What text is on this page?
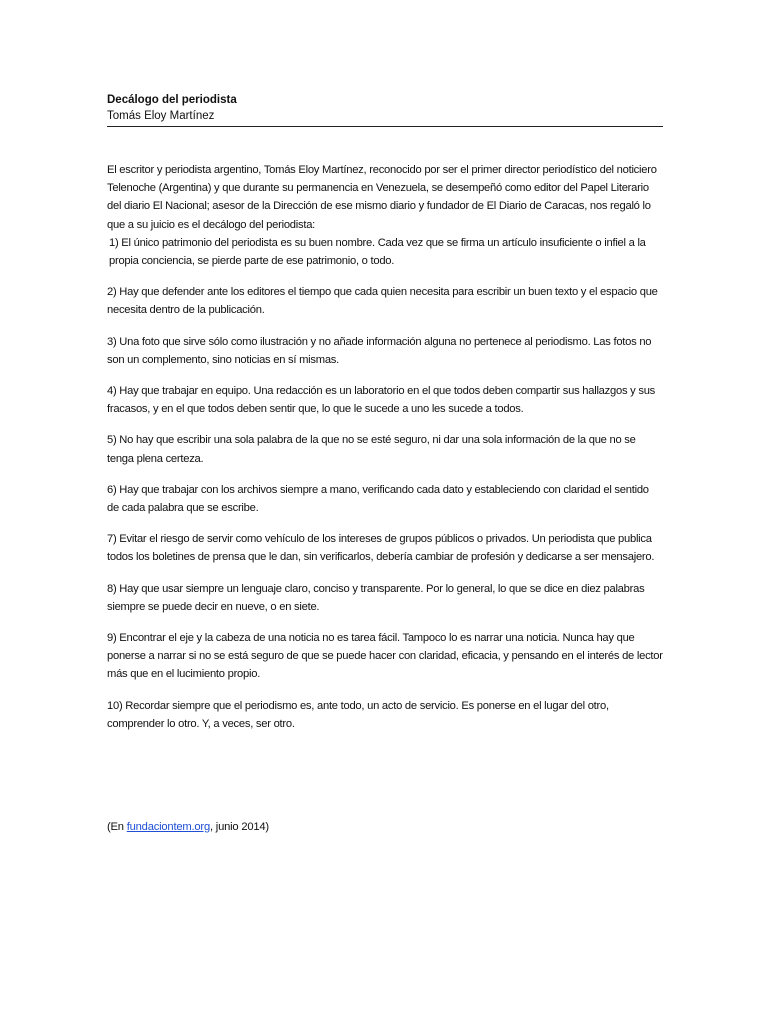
Decálogo del periodista

Tomás Eloy Martínez

El escritor y periodista argentino, Tomás Eloy Martínez, reconocido por ser el primer director periodístico del noticiero Telenoche (Argentina) y que durante su permanencia en Venezuela, se desempeñó como editor del Papel Literario del diario El Nacional; asesor de la Dirección de ese mismo diario y fundador de El Diario de Caracas, nos regaló lo que a su juicio es el decálogo del periodista:

1) El único patrimonio del periodista es su buen nombre. Cada vez que se firma un artículo insuficiente o infiel a la propia conciencia, se pierde parte de ese patrimonio, o todo.

2) Hay que defender ante los editores el tiempo que cada quien necesita para escribir un buen texto y el espacio que necesita dentro de la publicación.

3) Una foto que sirve sólo como ilustración y no añade información alguna no pertenece al periodismo. Las fotos no son un complemento, sino noticias en sí mismas.

4) Hay que trabajar en equipo. Una redacción es un laboratorio en el que todos deben compartir sus hallazgos y sus fracasos, y en el que todos deben sentir que, lo que le sucede a uno les sucede a todos.

5) No hay que escribir una sola palabra de la que no se esté seguro, ni dar una sola información de la que no se tenga plena certeza.

6) Hay que trabajar con los archivos siempre a mano, verificando cada dato y estableciendo con claridad el sentido de cada palabra que se escribe.

7) Evitar el riesgo de servir como vehículo de los intereses de grupos públicos o privados. Un periodista que publica todos los boletines de prensa que le dan, sin verificarlos, debería cambiar de profesión y dedicarse a ser mensajero.

8) Hay que usar siempre un lenguaje claro, conciso y transparente. Por lo general, lo que se dice en diez palabras siempre se puede decir en nueve, o en siete.

9) Encontrar el eje y la cabeza de una noticia no es tarea fácil. Tampoco lo es narrar una noticia. Nunca hay que ponerse a narrar si no se está seguro de que se puede hacer con claridad, eficacia, y pensando en el interés de lector más que en el lucimiento propio.

10) Recordar siempre que el periodismo es, ante todo, un acto de servicio. Es ponerse en el lugar del otro, comprender lo otro. Y, a veces, ser otro.

(En fundaciontem.org, junio 2014)
